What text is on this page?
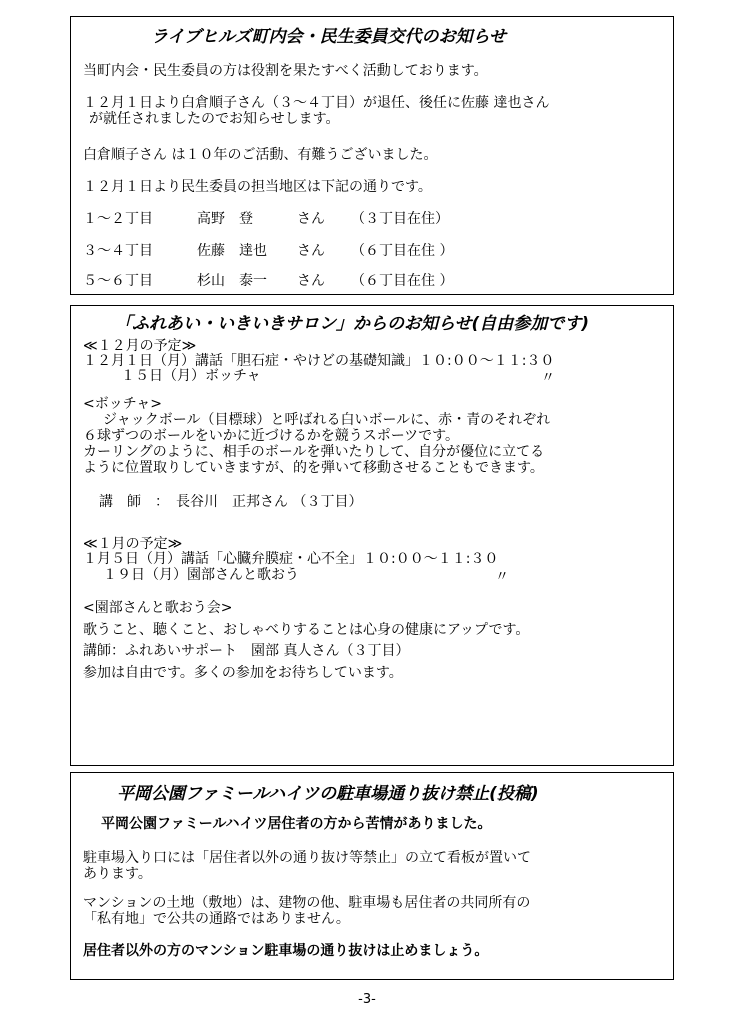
ライブヒルズ町内会・民生委員交代のお知らせ
当町内会・民生委員の方は役割を果たすべく活動しております。
１２月１日より白倉順子さん（３～４丁目）が退任、後任に佐藤 達也さん
が就任されましたのでお知らせします。
白倉順子さん は１０年のご活動、有難うございました。
１２月１日より民生委員の担当地区は下記の通りです。
１～２丁目	高野　登	さん （３丁目在住）
３～４丁目	佐藤　達也 さん （６丁目在住 ）
５～６丁目	杉山　泰一 さん （６丁目在住 ）
「ふれあい・いきいきサロン」からのお知らせ(自由参加です)
≪１２月の予定≫
１２月１日（月）講話「胆石症・やけどの基礎知識」１０:００～１１:３０
１５日（月）ボッチャ	〃
<ボッチャ>
ジャックボール（目標球）と呼ばれる白いボールに、赤・青のそれぞれ
６球ずつのボールをいかに近づけるかを競うスポーツです。
カーリングのように、相手のボールを弾いたりして、自分が優位に立てる
ように位置取りしていきますが、的を弾いて移動させることもできます。
講　師　：　長谷川　正邦さん （３丁目）
≪１月の予定≫
１月５日（月）講話「心臓弁膜症・心不全」１０:００～１１:３０
１９日（月）園部さんと歌おう	〃
<園部さんと歌おう会>
歌うこと、聴くこと、おしゃべりすることは心身の健康にアップです。
講師：ふれあいサポート　園部 真人さん（３丁目）
参加は自由です。多くの参加をお待ちしています。
平岡公園ファミールハイツの駐車場通り抜け禁止(投稿)
平岡公園ファミールハイツ居住者の方から苦情がありました。
駐車場入り口には「居住者以外の通り抜け等禁止」の立て看板が置いて
あります。
マンションの土地（敷地）は、建物の他、駐車場も居住者の共同所有の
「私有地」で公共の通路ではありません。
居住者以外の方のマンション駐車場の通り抜けは止めましょう。
-3-
